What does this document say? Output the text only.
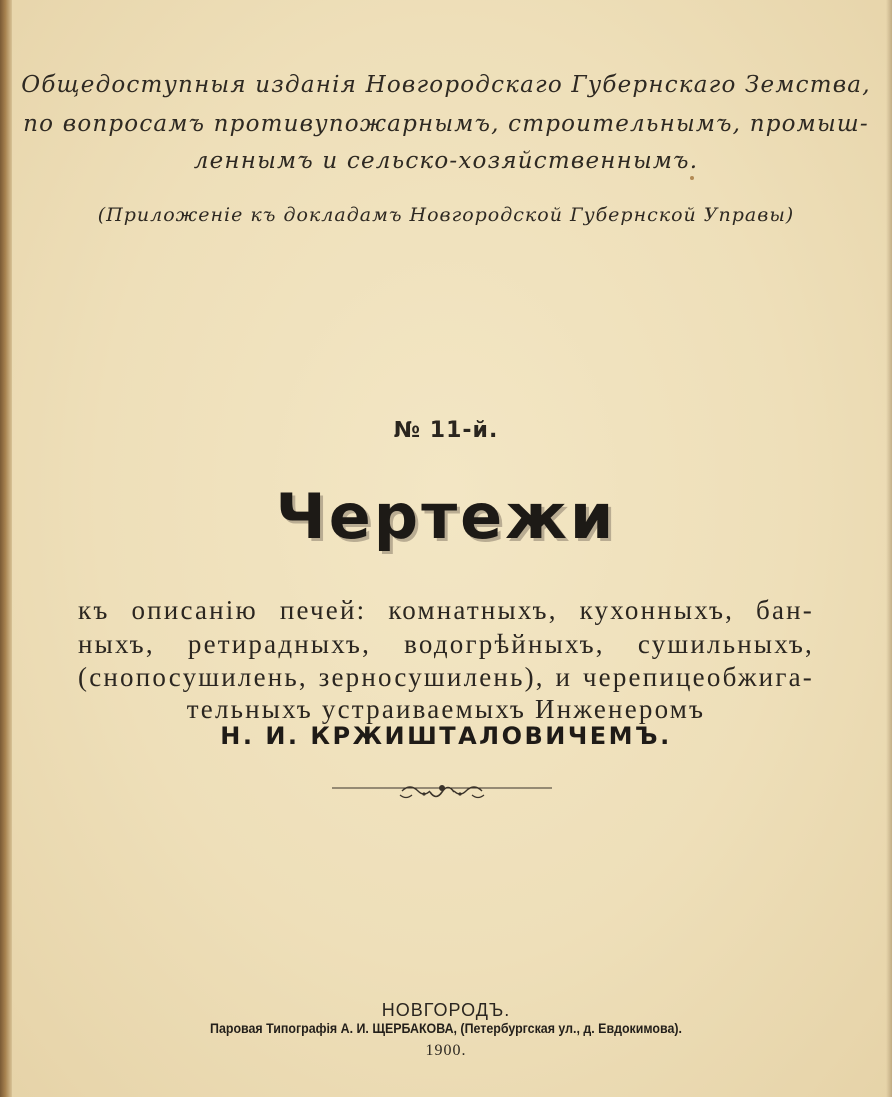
Общедоступныя изданія Новгородскаго Губернскаго Земства,
по вопросамъ противупожарнымъ, строительнымъ, промыш-
леннымъ и сельско-хозяйственнымъ.
(Приложеніе къ докладамъ Новгородской Губернской Управы)
№ 11-й.
Чертежи
къ описанію печей: комнатныхъ, кухонныхъ, бан-
ныхъ, ретирадныхъ, водогрѣйныхъ, сушильныхъ,
(снопосушилень, зерносушилень), и черепицеобжига-
тельныхъ устраиваемыхъ Инженеромъ
Н. И. КРЖИШТАЛОВИЧЕМЪ.
НОВГОРОДЪ.
Паровая Типографія А. И. ЩЕРБАКОВА, (Петербургская ул., д. Евдокимова).
1900.
